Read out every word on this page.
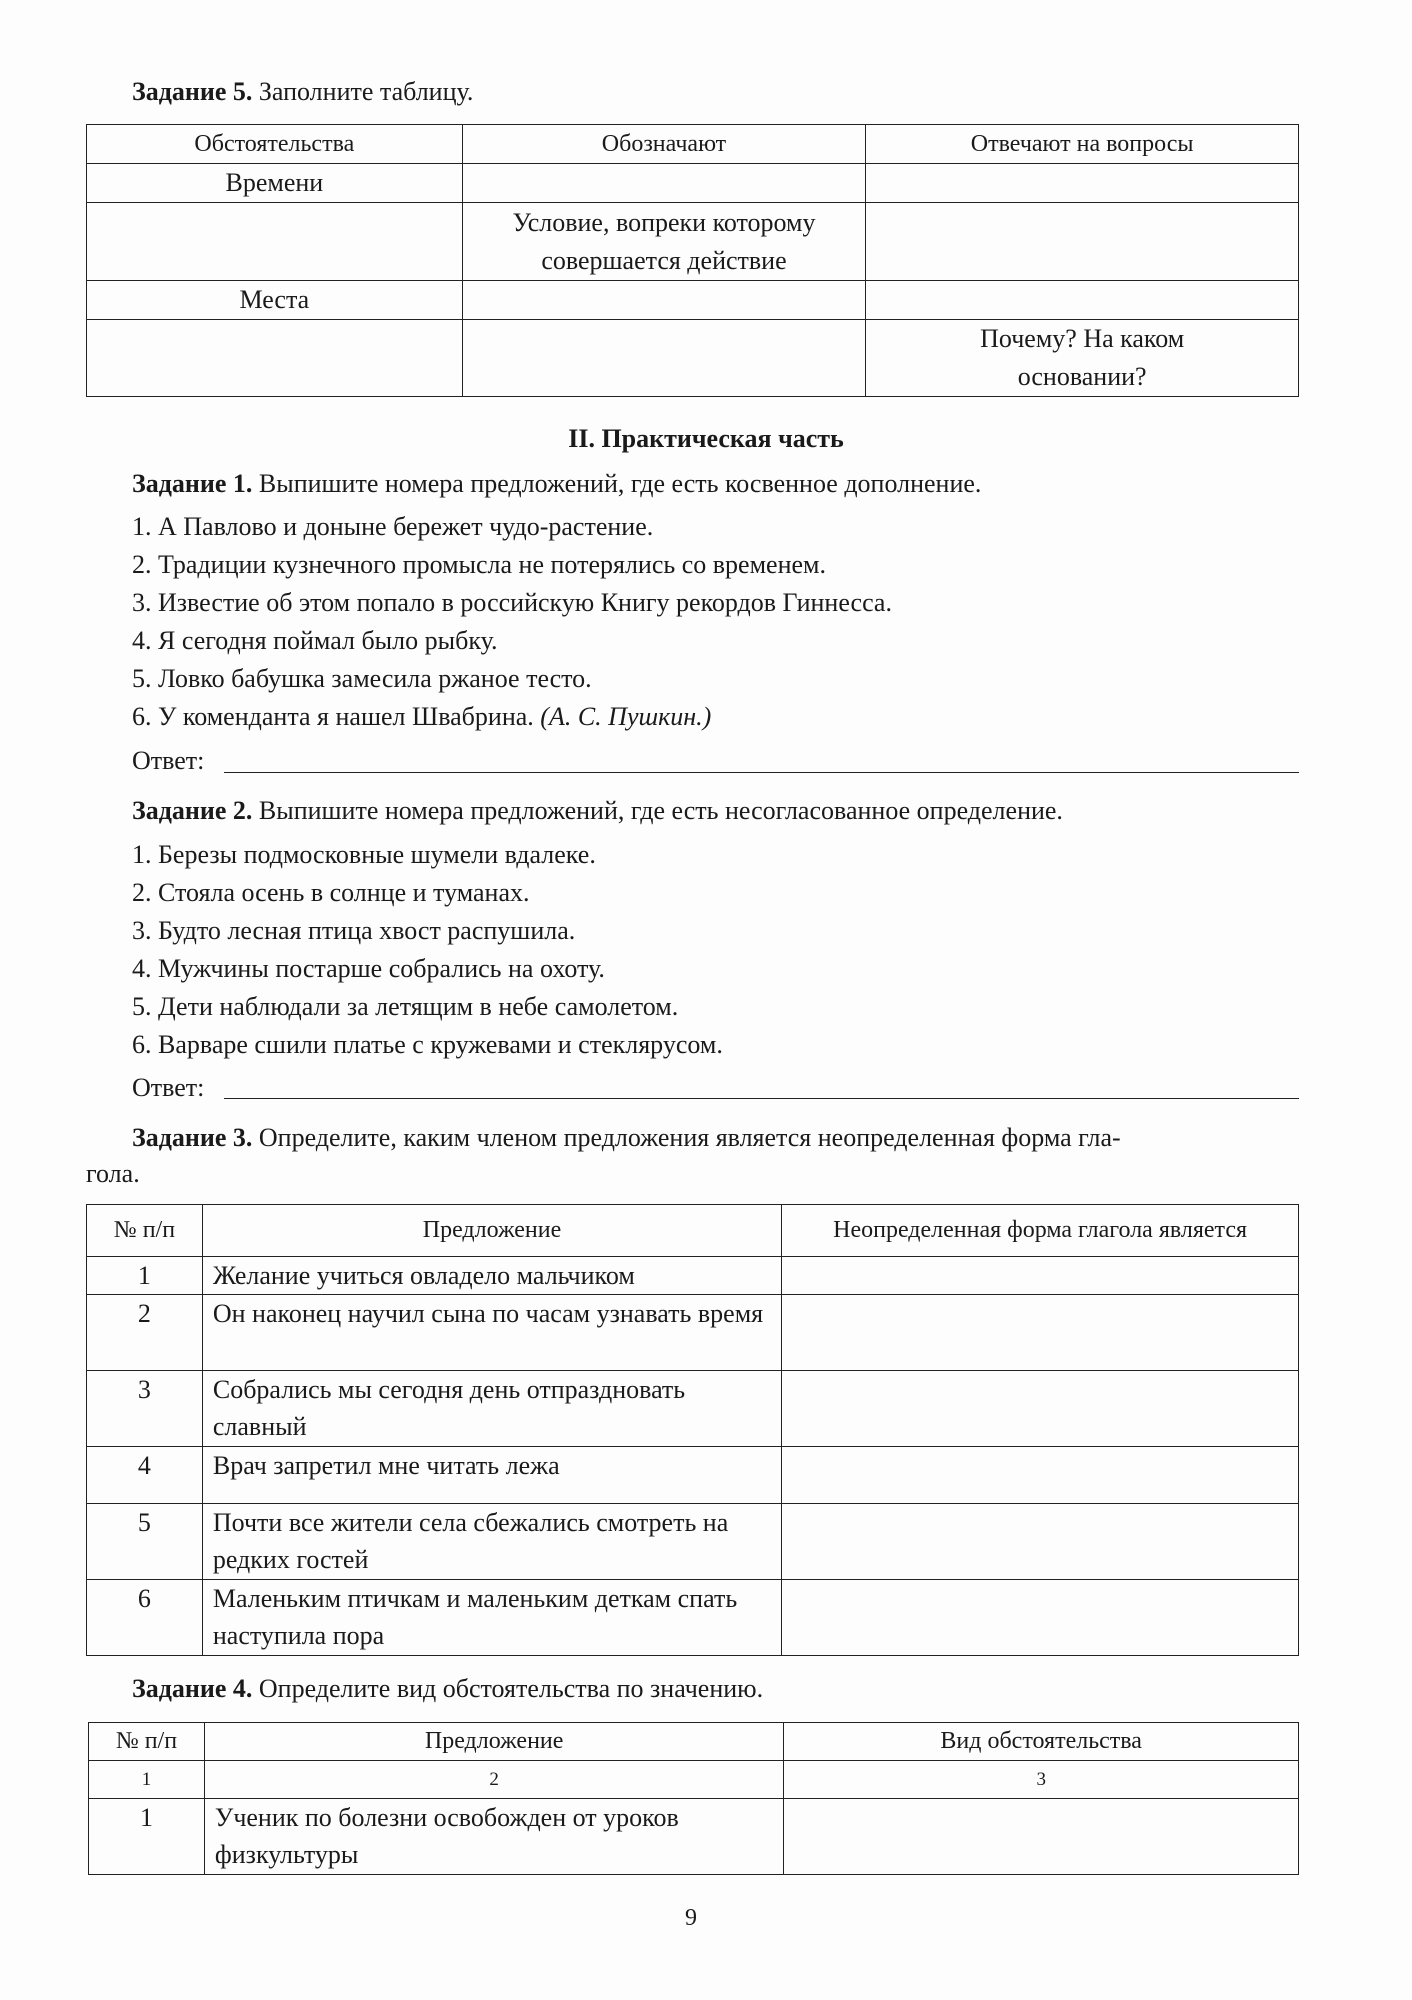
Задание 5. Заполните таблицу.
Обстоятельства	Обозначают	Отвечают на вопросы
Времени		
	Условие, вопреки которому совершается действие	
Места		
		Почему? На каком основании?
II. Практическая часть
Задание 1. Выпишите номера предложений, где есть косвенное дополнение.
1. А Павлово и доныне бережет чудо-растение.
2. Традиции кузнечного промысла не потерялись со временем.
3. Известие об этом попало в российскую Книгу рекордов Гиннесса.
4. Я сегодня поймал было рыбку.
5. Ловко бабушка замесила ржаное тесто.
6. У коменданта я нашел Швабрина. (А. С. Пушкин.)
Ответ:
Задание 2. Выпишите номера предложений, где есть несогласованное определение.
1. Березы подмосковные шумели вдалеке.
2. Стояла осень в солнце и туманах.
3. Будто лесная птица хвост распушила.
4. Мужчины постарше собрались на охоту.
5. Дети наблюдали за летящим в небе самолетом.
6. Варваре сшили платье с кружевами и стеклярусом.
Ответ:
Задание 3. Определите, каким членом предложения является неопределенная форма гла-
гола.
№ п/п	Предложение	Неопределенная форма глагола является
1	Желание учиться овладело мальчиком	
2	Он наконец научил сына по часам узнавать время	
3	Собрались мы сегодня день отпраздновать славный	
4	Врач запретил мне читать лежа	
5	Почти все жители села сбежались смотреть на редких гостей	
6	Маленьким птичкам и маленьким деткам спать наступила пора	
Задание 4. Определите вид обстоятельства по значению.
№ п/п	Предложение	Вид обстоятельства
1	2	3
1	Ученик по болезни освобожден от уроков физкультуры	
9
